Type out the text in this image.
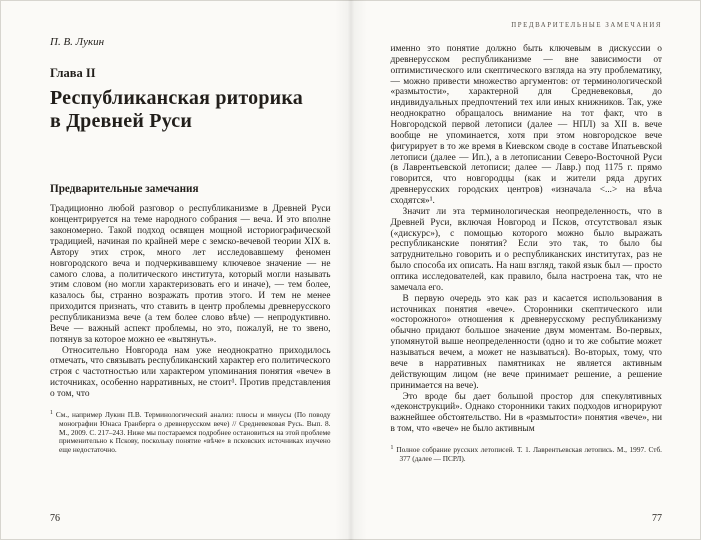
П. В. Лукин
Глава II
Республиканская риторика в Древней Руси
Предварительные замечания

Традиционно любой разговор о республиканизме в Древней Руси концентрируется на теме народного собрания — веча. И это вполне закономерно. Такой подход освящен мощной историографической традицией, начиная по крайней мере с земско-вечевой теории XIX в. Автору этих строк, много лет исследовавшему феномен новгородского веча и подчеркивавшему ключевое значение — не самого слова, а политического института, который могли называть этим словом (но могли характеризовать его и иначе), — тем более, казалось бы, странно возражать против этого. И тем не менее приходится признать, что ставить в центр проблемы древнерусского республиканизма вече (а тем более слово вѣче) — непродуктивно. Вече — важный аспект проблемы, но это, пожалуй, не то звено, потянув за которое можно ее «вытянуть».

Относительно Новгорода нам уже неоднократно приходилось отмечать, что связывать республиканский характер его политического строя с частотностью или характером упоминания понятия «вече» в источниках, особенно нарративных, не стоит¹. Против представления о том, что

1 См., например Лукин П.В. Терминологический анализ: плюсы и минусы (По поводу монографии Юнаса Гранберга о древнерусском вече) // Средневековая Русь. Вып. 8. М., 2009. С. 217–243. Ниже мы постараемся подробнее остановиться на этой проблеме применительно к Пскову, поскольку понятие «вѣче» в псковских источниках изучено еще недостаточно.

76
ПРЕДВАРИТЕЛЬНЫЕ ЗАМЕЧАНИЯ

именно это понятие должно быть ключевым в дискуссии о древнерусском республиканизме — вне зависимости от оптимистического или скептического взгляда на эту проблематику, — можно привести множество аргументов: от терминологической «размытости», характерной для Средневековья, до индивидуальных предпочтений тех или иных книжников. Так, уже неоднократно обращалось внимание на тот факт, что в Новгородской первой летописи (далее — НПЛ) за XII в. вече вообще не упоминается, хотя при этом новгородское вече фигурирует в то же время в Киевском своде в составе Ипатьевской летописи (далее — Ип.), а в летописании Северо-Восточной Руси (в Лаврентьевской летописи; далее — Лавр.) под 1175 г. прямо говорится, что новгородцы (как и жители ряда других древнерусских городских центров) «изначала <...> на вѣча сходятся»¹.

Значит ли эта терминологическая неопределенность, что в Древней Руси, включая Новгород и Псков, отсутствовал язык («дискурс»), с помощью которого можно было выражать республиканские понятия? Если это так, то было бы затруднительно говорить и о республиканских институтах, раз не было способа их описать. На наш взгляд, такой язык был — просто оптика исследователей, как правило, была настроена так, что не замечала его.

В первую очередь это как раз и касается использования в источниках понятия «вече». Сторонники скептического или «осторожного» отношения к древнерусскому республиканизму обычно придают большое значение двум моментам. Во-первых, упомянутой выше неопределенности (одно и то же событие может называться вечем, а может не называться). Во-вторых, тому, что вече в нарративных памятниках не является активным действующим лицом (не вече принимает решение, а решение принимается на вече).

Это вроде бы дает большой простор для спекулятивных «деконструкций». Однако сторонники таких подходов игнорируют важнейшее обстоятельство. Ни в «размытости» понятия «вече», ни в том, что «вече» не было активным

1 Полное собрание русских летописей. Т. 1. Лаврентьевская летопись. М., 1997. Стб. 377 (далее — ПСРЛ).

77
